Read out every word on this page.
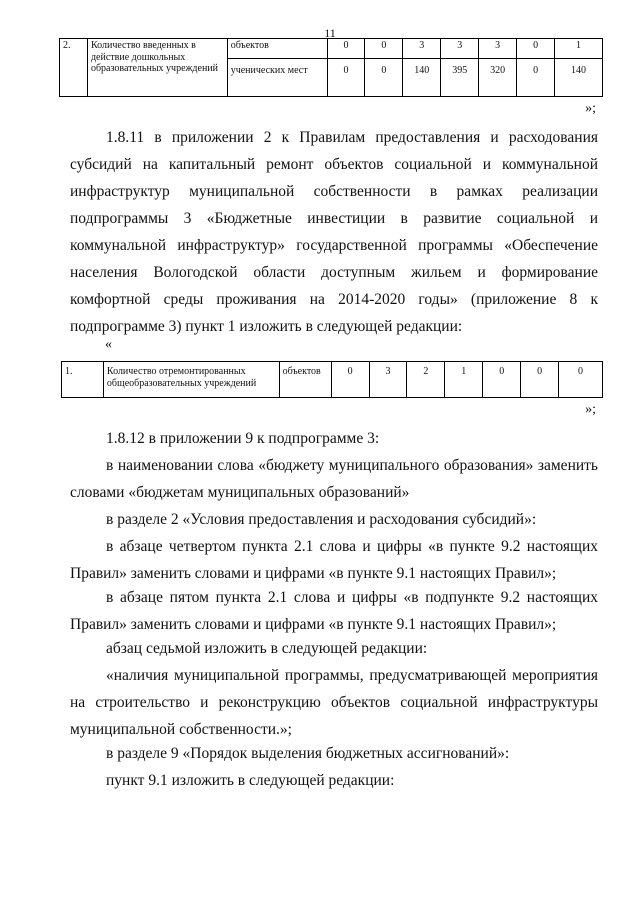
11
2.	Количество введенных в действие дошкольных образовательных учреждений	объектов	0	0	3	3	3	0	1
		ученических мест	0	0	140	395	320	0	140
»;
1.8.11 в приложении 2 к Правилам предоставления и расходования субсидий на капитальный ремонт объектов социальной и коммунальной инфраструктур муниципальной собственности в рамках реализации подпрограммы 3 «Бюджетные инвестиции в развитие социальной и коммунальной инфраструктур» государственной программы «Обеспечение населения Вологодской области доступным жильем и формирование комфортной среды проживания на 2014-2020 годы» (приложение 8 к подпрограмме 3) пункт 1 изложить в следующей редакции:
«
1.	Количество отремонтированных общеобразовательных учреждений	объектов	0	3	2	1	0	0	0
»;
1.8.12 в приложении 9 к подпрограмме 3:
в наименовании слова «бюджету муниципального образования» заменить словами «бюджетам муниципальных образований»
в разделе 2 «Условия предоставления и расходования субсидий»:
в абзаце четвертом пункта 2.1 слова и цифры «в пункте 9.2 настоящих Правил» заменить словами и цифрами «в пункте 9.1 настоящих Правил»;
в абзаце пятом пункта 2.1 слова и цифры «в подпункте 9.2 настоящих Правил» заменить словами и цифрами «в пункте 9.1 настоящих Правил»;
абзац седьмой изложить в следующей редакции:
«наличия муниципальной программы, предусматривающей мероприятия на строительство и реконструкцию объектов социальной инфраструктуры муниципальной собственности.»;
в разделе 9 «Порядок выделения бюджетных ассигнований»:
пункт 9.1 изложить в следующей редакции:
